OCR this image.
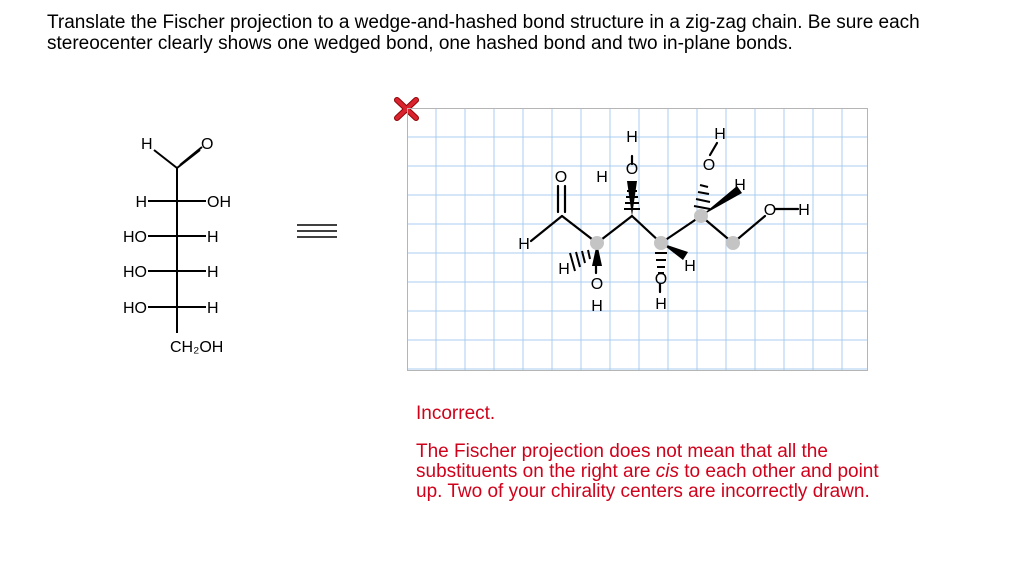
Translate the Fischer projection to a wedge-and-hashed bond structure in a zig-zag chain. Be sure each
stereocenter clearly shows one wedged bond, one hashed bond and two in-plane bonds.
H	O
H	OH
HO	H
HO	H
HO	H
CH₂OH
O
H
H
O
H
H O
H
O
H
H
O
H
H
O H
Incorrect.
The Fischer projection does not mean that all the
substituents on the right are cis to each other and point
up. Two of your chirality centers are incorrectly drawn.
